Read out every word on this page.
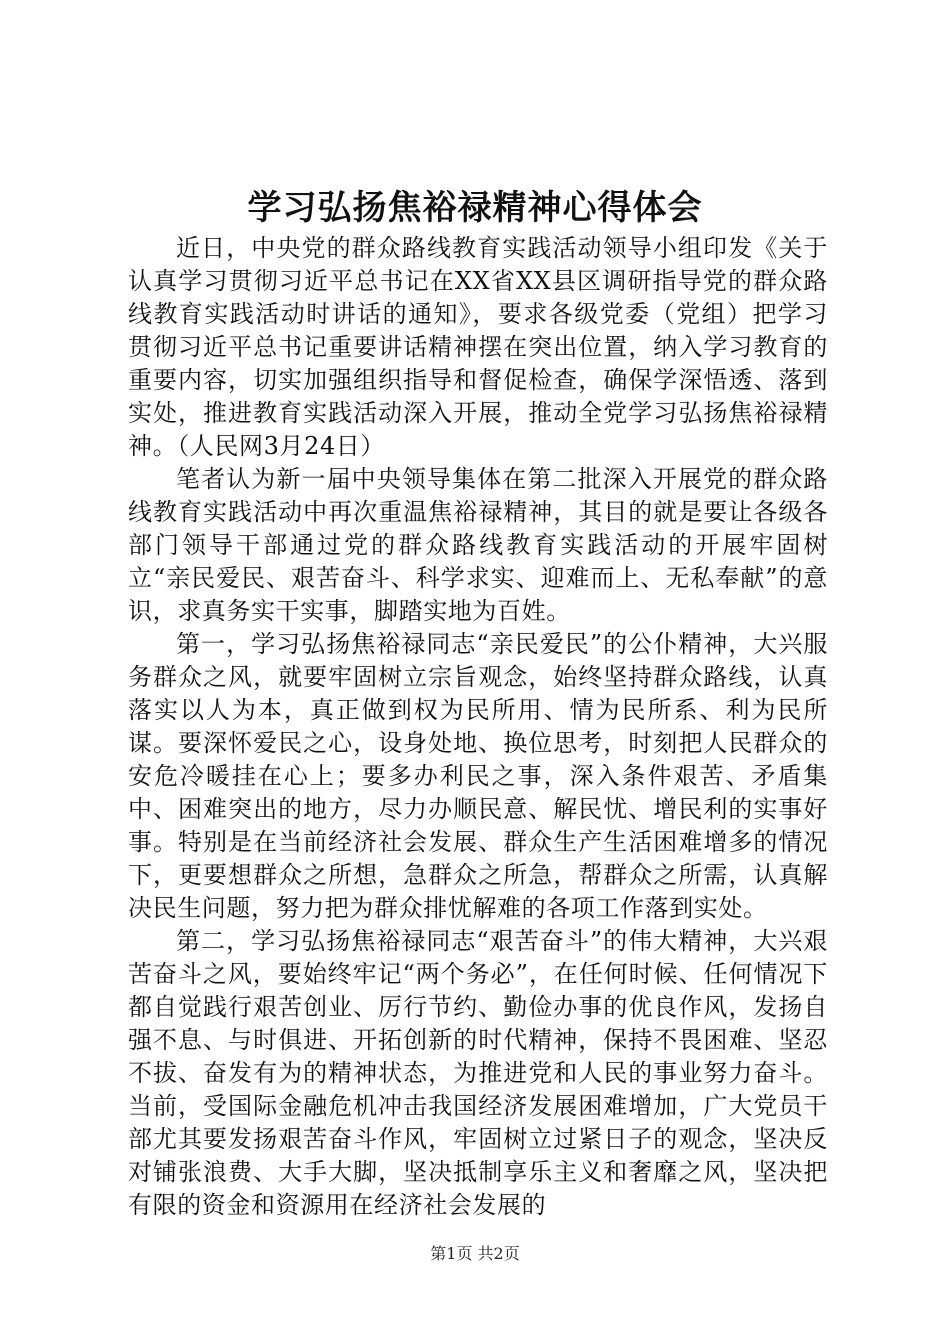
学习弘扬焦裕禄精神心得体会

近日，中央党的群众路线教育实践活动领导小组印发《关于认真学习贯彻习近平总书记在XX省XX县区调研指导党的群众路线教育实践活动时讲话的通知》，要求各级党委（党组）把学习贯彻习近平总书记重要讲话精神摆在突出位置，纳入学习教育的重要内容，切实加强组织指导和督促检查，确保学深悟透、落到实处，推进教育实践活动深入开展，推动全党学习弘扬焦裕禄精神。（人民网3月24日）

笔者认为新一届中央领导集体在第二批深入开展党的群众路线教育实践活动中再次重温焦裕禄精神，其目的就是要让各级各部门领导干部通过党的群众路线教育实践活动的开展牢固树立“亲民爱民、艰苦奋斗、科学求实、迎难而上、无私奉献”的意识，求真务实干实事，脚踏实地为百姓。

第一，学习弘扬焦裕禄同志“亲民爱民”的公仆精神，大兴服务群众之风，就要牢固树立宗旨观念，始终坚持群众路线，认真落实以人为本，真正做到权为民所用、情为民所系、利为民所谋。要深怀爱民之心，设身处地、换位思考，时刻把人民群众的安危冷暖挂在心上；要多办利民之事，深入条件艰苦、矛盾集中、困难突出的地方，尽力办顺民意、解民忧、增民利的实事好事。特别是在当前经济社会发展、群众生产生活困难增多的情况下，更要想群众之所想，急群众之所急，帮群众之所需，认真解决民生问题，努力把为群众排忧解难的各项工作落到实处。

第二，学习弘扬焦裕禄同志“艰苦奋斗”的伟大精神，大兴艰苦奋斗之风，要始终牢记“两个务必”，在任何时候、任何情况下都自觉践行艰苦创业、厉行节约、勤俭办事的优良作风，发扬自强不息、与时俱进、开拓创新的时代精神，保持不畏困难、坚忍不拔、奋发有为的精神状态，为推进党和人民的事业努力奋斗。当前，受国际金融危机冲击我国经济发展困难增加，广大党员干部尤其要发扬艰苦奋斗作风，牢固树立过紧日子的观念，坚决反对铺张浪费、大手大脚，坚决抵制享乐主义和奢靡之风，坚决把有限的资金和资源用在经济社会发展的

第1页 共2页
